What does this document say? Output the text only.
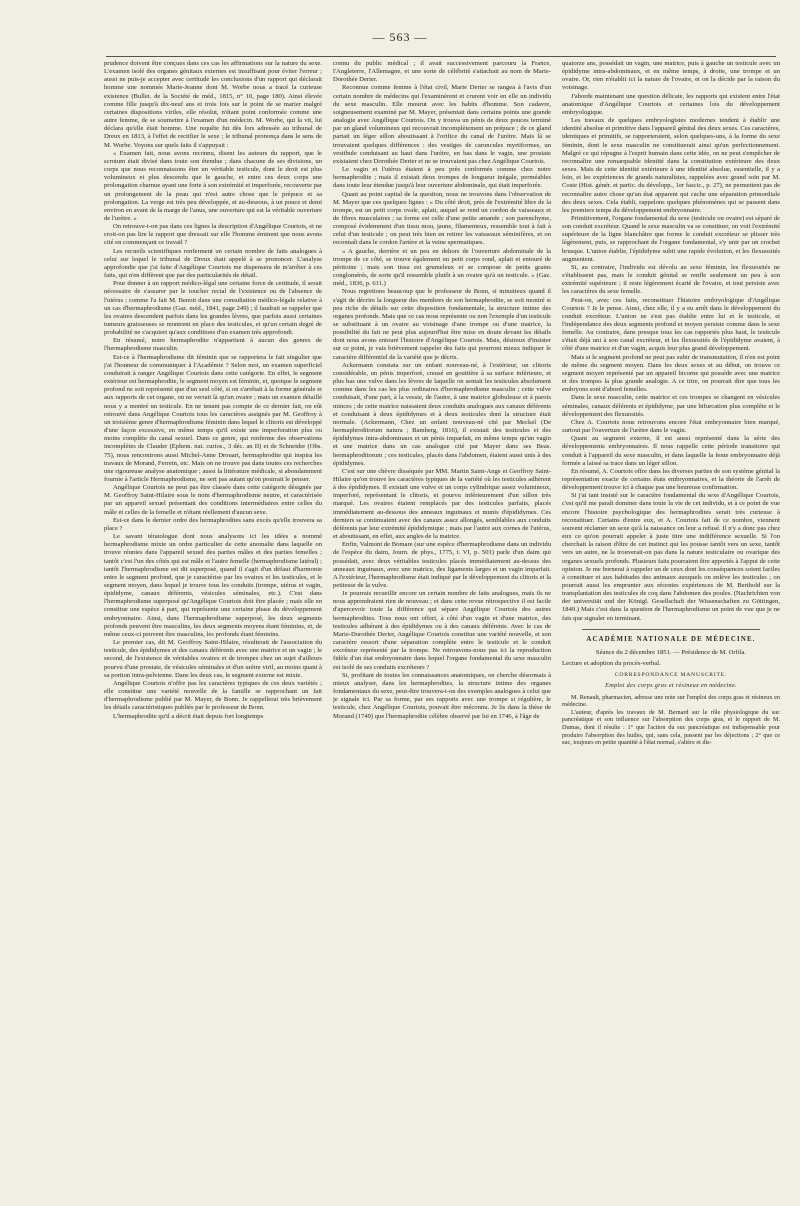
— 563 —

prudence doivent être conçues dans ces cas les affirmations sur la nature du sexe. L'examen isolé des organes génitaux externes est insuffisant pour éviter l'erreur ; aussi ne puis-je accepter avec certitude les conclusions d'un rapport qui déclarait homme une nommée Marie-Jeanne dont M. Worbe nous a tracé la curieuse existence (Bullet. de la Société de méd., 1815, n° 10, page 180). Ainsi élevée comme fille jusqu'à dix-neuf ans et trois fois sur le point de se marier malgré certaines dispositions viriles, elle résolut, n'étant point conformée comme une autre femme, de se soumettre à l'examen d'un médecin. M. Worbe, qui la vit, lui déclara qu'elle était homme. Une requête fut dès lors adressée au tribunal de Dreux en 1813, à l'effet de rectifier le sexe ; le tribunal prononça dans le sens de M. Worbe. Voyons sur quels faits il s'appuyait :

« Examen fait, nous avons reconnu, disent les auteurs du rapport, que le scrotum était divisé dans toute son étendue ; dans chacune de ses divisions, un corps que nous reconnaissons être un véritable testicule, dont le droit est plus volumineux et plus descendu que le gauche, et entre ces deux corps une prolongation charnue ayant une forte à son extrémité et imperforée, recouverte par un prolongement de la peau qui n'est autre chose que le prépuce et sa prolongation. La verge est très peu développée, et au-dessous, à un pouce et demi environ en avant de la marge de l'anus, une ouverture qui est la véritable ouverture de l'urètre. »

On retrouve-t-on pas dans ces lignes la description d'Angélique Courtois, et ne croit-on pas lire le rapport que dressait sur elle l'homme éminent que nous avons cité en commençant ce travail ?

Les recueils scientifiques renferment un certain nombre de faits analogues à celui sur lequel le tribunal de Dreux était appelé à se prononcer. L'analyse approfondie que j'ai faite d'Angélique Courtois me dispensera de m'arrêter à ces faits, qui n'en diffèrent que par des particularités de détail.

Pour donner à un rapport médico-légal une certaine force de certitude, il serait nécessaire de s'assurer par le toucher rectal de l'existence ou de l'absence de l'utérus ; comme l'a fait M. Benoit dans une consultation médico-légale relative à un cas d'hermaphrodisme (Gaz. méd., 1841, page 249) ; il faudrait se rappeler que les ovaires descendent parfois dans les grandes lèvres, que parfois aussi certaines tumeurs graisseuses se montrent en place des testicules, et qu'un certain degré de probabilité ne s'acquiert qu'aux conditions d'un examen très approfondi.

En résumé, notre hermaphrodite n'appartient à aucun des genres de l'hermaphrodisme masculin.

Est-ce à l'hermaphrodisme dit féminin que se rapportera le fait singulier que j'ai l'honneur de communiquer à l'Académie ? Selon moi, un examen superficiel conduirait à ranger Angélique Courtois dans cette catégorie. En effet, le segment extérieur est hermaphrodite, le segment moyen est féminin, et, quoique le segment profond ne soit représenté que d'un seul côté, si on s'arrêtait à la forme générale et aux rapports de cet organe, on ne verrait là qu'un ovaire ; mais un examen détaillé nous y a montré un testicule. En ne tenant pas compte de ce dernier fait, on eût retrouvé dans Angélique Courtois tous les caractères assignés par M. Geoffroy à un troisième genre d'hermaphrodisme féminin dans lequel le clitoris est développé d'une façon excessive, en même temps qu'il existe une imperforation plus ou moins complète du canal sexuel. Dans ce genre, qui renferme des observations incomplètes de Clauder (Ephem. nat. curios., 3 déc. an II) et de Schneider (Obs. 75), nous rencontrons aussi Michel-Anne Drouart, hermaphrodite qui inspira les travaux de Morand, Ferrein, etc. Mais on ne trouve pas dans toutes ces recherches une rigoureuse analyse anatomique ; aussi la littérature médicale, si abondamment fournie à l'article Hermaphrodisme, ne sert pas autant qu'on pourrait le penser.

Angélique Courtois ne peut pas être classée dans cette catégorie désignée par M. Geoffroy Saint-Hilaire sous le nom d'hermaphrodisme neutre, et caractérisée par un appareil sexuel présentant des conditions intermédiaires entre celles du mâle et celles de la femelle et n'étant réellement d'aucun sexe.

Est-ce dans le dernier ordre des hermaphrodites sans excès qu'elle trouvera sa place ?

Le savant tératologue dont nous analysons ici les idées a nommé hermaphrodisme mixte un ordre particulier de cette anomalie dans laquelle on trouve réunies dans l'appareil sexuel des parties mâles et des parties femelles ; tantôt c'est l'un des côtés qui est mâle et l'autre femelle (hermaphrodisme latéral) ; tantôt l'hermaphrodisme est dit superposé, quand il s'agit d'un défaut d'harmonie entre le segment profond, que je caractérise par les ovaires et les testicules, et le segment moyen, dans lequel je trouve tous les conduits (trompe, utérus et vagin, épididyme, canaux déférents, vésicules séminales, etc.). C'est dans l'hermaphrodisme superposé qu'Angélique Courtois doit être placée ; mais elle en constitue une espèce à part, qui représente une certaine phase du développement embryonnaire. Ainsi, dans l'hermaphrodisme superposé, les deux segments profonds peuvent être masculins, les deux segments moyens étant féminins, et, de même ceux-ci peuvent être masculins, les profonds étant féminins.

Le premier cas, dit M. Geoffroy Saint-Hilaire, résulterait de l'association du testicule, des épididymes et des canaux déférents avec une matrice et un vagin ; le second, de l'existence de véritables ovaires et de trompes chez un sujet d'ailleurs pourvu d'une prostate, de vésicules séminales et d'un urètre viril, au moins quant à sa portion intra-pelvienne. Dans les deux cas, le segment externe est mixte.

Angélique Courtois n'offre pas les caractères typiques de ces deux variétés ; elle constitue une variété nouvelle de la famille se rapprochant un fait d'hermaphrodisme publié par M. Mayer, de Bonn. Je rappellerai très brièvement les détails caractéristiques publiés par le professeur de Bonn.

L'hermaphrodite qu'il a décrit était depuis fort longtemps

connu du public médical ; il avait successivement parcouru la France, l'Angleterre, l'Allemagne, et une sorte de célébrité s'attachait au nom de Marie-Dorothée Derier.

Reconnue comme femme à l'état civil, Marie Derier se rangea à l'avis d'un certain nombre de médecins qui l'examinèrent et crurent voir en elle un individu du sexe masculin. Elle mourut avec les habits d'homme. Son cadavre, soigneusement examiné par M. Mayer, présentait dans certains points une grande analogie avec Angélique Courtois. On y trouva un pénis de deux pouces terminé par un gland volumineux qui recouvrait incomplètement un prépuce ; de ce gland partait un léger sillon aboutissant à l'orifice du canal de l'urètre. Mais là se trouvaient quelques différences : des vestiges de caroncules myrtiformes, un vestibule conduisant au haut dans l'urètre, en bas dans le vagin, une prostate existaient chez Dorothée Derier et ne se trouvaient pas chez Angélique Courtois.

Le vagin et l'utérus étaient à peu près conformés comme chez notre hermaphrodite ; mais il existait deux trompes de longueur inégale, perméables dans toute leur étendue jusqu'à leur ouverture abdominale, qui était imperforée.

Quant au point capital de la question, nous ne trouvons dans l'observation de M. Mayer que ces quelques lignes : « Du côté droit, près de l'extrémité libre de la trompe, est un petit corps ovale, aplati, auquel se rend un cordon de vaisseaux et de fibres musculaires ; sa forme est celle d'une petite amande ; son parenchyme, composé évidemment d'un tissu mou, jaune, filamenteux, ressemble tout à fait à celui d'un testicule ; on peut très bien en retirer les vaisseaux séminifères, et on reconnaît dans le cordon l'artère et la veine spermatiques.

« A gauche, derrière et un peu en dehors de l'ouverture abdominale de la trompe de ce côté, se trouve également un petit corps rond, aplati et entouré de péritoine ; mais son tissu est grumeleux et se compose de petits grains conglomérés, de sorte qu'il ressemble plutôt à un ovaire qu'à un testicule. » (Gaz. méd., 1836, p. 611.)

Nous regrettons beaucoup que le professeur de Bonn, si minutieux quand il s'agit de décrire la longueur des membres de son hermaphrodite, se soit montré si peu riche de détails sur cette disposition fondamentale, la structure intime des organes profonds. Mais que ce cas nous représente ou non l'exemple d'un testicule se substituant à un ovaire au voisinage d'une trompe ou d'une matrice, la possibilité du fait ne peut plus aujourd'hui être mise en doute devant les détails dont nous avons entouré l'histoire d'Angélique Courtois. Mais, désireux d'insister sur ce point, je vais brièvement rappeler des faits qui pourront mieux indiquer le caractère différentiel de la variété que je décris.

Ackermann constata sur un enfant nouveau-né, à l'extérieur, un clitoris considérable, un pénis imperforé, creusé en gouttière à sa surface inférieure, et plus bas une vulve dans les lèvres de laquelle on sentait les testicules absolument comme dans les cas les plus ordinaires d'hermaphrodisme masculin ; cette vulve conduisait, d'une part, à la vessie, de l'autre, à une matrice globuleuse et à parois minces ; de cette matrice naissaient deux conduits analogues aux canaux déférents et conduisant à deux épididymes et à deux testicules dont la structure était normale. (Ackermann, Chez un enfant nouveau-né cité par Meckel (De hermaphroditorum natura ; Bamberg, 1816), il existait des testicules et des épididymes intra-abdominaux et un pénis imparfait, en même temps qu'un vagin et une matrice dans un cas analogue cité par Mayer dans ses Beas. hermaphroditorum ; ces testicules, placés dans l'abdomen, étaient aussi unis à des épididymes.

C'est sur une chèvre disséquée par MM. Martin Saint-Ange et Geoffroy Saint-Hilaire qu'on trouve les caractères typiques de la variété où les testicules adhèrent à des épididymes. Il existait une vulve et un corps cylindrique assez volumineux, imperforé, représentant le clitoris, et pourvu inférieurement d'un sillon très marqué. Les ovaires étaient remplacés par des testicules parfaits, placés immédiatement au-dessous des anneaux inguinaux et munis d'épididymes. Ces derniers se continuaient avec des canaux assez allongés, semblables aux conduits déférents par leur extrémité épididymique ; mais par l'autre aux cornes de l'utérus, et aboutissant, en effet, aux angles de la matrice.

Enfin, Valmont de Bomare (sur une espèce d'hermaphrodisme dans un individu de l'espèce du daim, Journ. de phys., 1775, t. VI, p. 501) parle d'un daim qui possédait, avec deux véritables testicules placés immédiatement au-dessus des anneaux inguinaux, avec une matrice, des ligaments larges et un vagin imparfait. A l'extérieur, l'hermaphrodisme était indiqué par le développement du clitoris et la petitesse de la vulve.

Je pourrais recueillir encore un certain nombre de faits analogues, mais ils ne nous apprendraient rien de nouveau ; et dans cette revue rétrospective il est facile d'apercevoir toute la différence qui sépare Angélique Courtois des autres hermaphrodites. Tous nous ont offert, à côté d'un vagin et d'une matrice, des testicules adhérant à des épididymes ou à des canaux déférents. Avec le cas de Marie-Dorothée Derier, Angélique Courtois constitue une variété nouvelle, et son caractère ressort d'une séparation complète entre le testicule et le conduit excréteur représenté par la trompe. Ne retrouvons-nous pas ici la reproduction fidèle d'un état embryonnaire dans lequel l'organe fondamental du sexe masculin est isolé de ses conduits excréteurs ?

Si, profitant de toutes les connaissances anatomiques, on cherche désormais à mieux analyser, dans les hermaphrodites, la structure intime des organes fondamentaux du sexe, peut-être trouvera-t-on des exemples analogues à celui que je signale ici. Par sa forme, par ses rapports avec une trompe si régulière, le testicule, chez Angélique Courtois, pouvait être méconnu. Je lis dans la thèse de Morand (1749) que l'hermaphrodite célèbre observé par lui en 1746, à l'âge de

quatorze ans, possédait un vagin, une matrice, puis à gauche un testicule avec un épididyme intra-abdominaux, et en même temps, à droite, une trompe et un ovaire. Or, rien n'établit ici la nature de l'ovaire, et on la décide par la raison du voisinage.

J'aborde maintenant une question délicate, les rapports qui existent entre l'état anatomique d'Angélique Courtois et certaines lois du développement embryologique.

Les travaux de quelques embryologistes modernes tendent à établir une identité absolue et primitive dans l'appareil génital des deux sexes. Ces caractères, identiques et primitifs, se rapporteraient, selon quelques-uns, à la forme du sexe féminin, dont le sexe masculin ne constituerait ainsi qu'un perfectionnement. Malgré ce qui répugne à l'esprit humain dans cette idée, on ne peut s'empêcher de reconnaître une remarquable identité dans la constitution extérieure des deux sexes. Mais de cette identité extérieure à une identité absolue, essentielle, il y a loin, et les expériences de grands naturalistes, rappelées avec grand soin par M. Coste (Hist. génér. et partic. du développ., 1er fascic., p. 27), ne permettent pas de reconnaître autre chose qu'un état apparent qui cache une séparation primordiale des deux sexes. Cela établi, rappelons quelques phénomènes qui se passent dans les premiers temps du développement embryonnaire.

Primitivement, l'organe fondamental du sexe (testicule ou ovaire) est séparé de son conduit excréteur. Quand le sexe masculin va se constituer, on voit l'extrémité supérieure de la ligne blanchâtre que forme le conduit excréteur se plisser très légèrement, puis, se rapprochant de l'organe fondamental, s'y unir par un crochet brusque. L'union établie, l'épididyme subit une rapide évolution, et les flexuosités augmentent.

Si, au contraire, l'individu est dévolu au sexe féminin, les flexuosités ne s'établissent pas, mais le conduit génital se renfle seulement un peu à son extrémité supérieure ; il reste légèrement écarté de l'ovaire, et tout persiste avec les caractères du sexe femelle.

Peut-on, avec ces faits, reconstituer l'histoire embryologique d'Angélique Courtois ? Je le pense. Ainsi, chez elle, il y a eu arrêt dans le développement du conduit excréteur. L'union ne s'est pas établie entre lui et le testicule, et l'indépendance des deux segments profond et moyen persiste comme dans le sexe femelle. Au contraire, dans presque tous les cas rapportés plus haut, le testicule s'était déjà uni à son canal excréteur, et les flexuosités de l'épididyme avaient, à côté d'une matrice et d'un vagin, acquis leur plus grand développement.

Mais si le segment profond ne peut pas subir de transmutation, il n'en est point de même du segment moyen. Dans les deux sexes et au début, on trouve ce segment moyen représenté par un appareil bicorne qui possède avec une matrice et des trompes la plus grande analogie. A ce titre, on pourrait dire que tous les embryons sont d'abord femelles.

Dans le sexe masculin, cette matrice et ces trompes se changent en vésicules séminales, canaux déférents et épididyme, par une bifurcation plus complète et le développement des flexuosités.

Chez A. Courtois nous retrouvons encore l'état embryonnaire bien marqué, surtout par l'ouverture de l'urètre dans le vagin.

Quant au segment externe, il est aussi représenté dans la série des développements embryonnaires. Il nous rappelle cette période transitoire qui conduit à l'appareil du sexe masculin, et dans laquelle la fente embryonnaire déjà formée a laissé sa trace dans un léger sillon.

En résumé, A. Courtois offre dans les diverses parties de son système génital la représentation exacte de certains états embryonnaires, et la théorie de l'arrêt de développement trouve ici à chaque pas une heureuse confirmation.

Si j'ai tant insisté sur le caractère fondamental du sexe d'Angélique Courtois, c'est qu'il me paraît dominer dans toute la vie de cet individu, et à ce point de vue encore l'histoire psychologique des hermaphrodites serait très curieuse à reconstituer. Certains d'entre eux, et A. Courtois fait de ce nombre, viennent souvent réclamer un sexe qu'à la naissance on leur a refusé. Il n'y a donc pas chez eux ce qu'on pourrait appeler à juste titre une indifférence sexuelle. Si l'on cherchait la raison d'être de cet instinct qui les pousse tantôt vers un sexe, tantôt vers un autre, ne la trouverait-on pas dans la nature testiculaire ou ovarique des organes sexuels profonds. Plusieurs faits pourraient être apportés à l'appui de cette opinion. Je me bornerai à rappeler un de ceux dont les conséquences soient faciles à constituer et aux habitudes des animaux auxquels on enlève les testicules ; on pourrait aussi les emprunter aux récentes expériences de M. Berthold sur la transplantation des testicules de coq dans l'abdomen des poules. (Nachrichten von der universität und der Königl. Gesellschaft der Wissenschaften zu Göttingen, 1849.) Mais c'est dans la question de l'hermaphrodisme un point de vue que je ne fais que signaler en terminant.

ACADÉMIE NATIONALE DE MÉDECINE.
Séance du 2 décembre 1851. — Présidence de M. Orfila.

Lecture et adoption du procès-verbal.

CORRESPONDANCE MANUSCRITE.
Emploi des corps gras et résineux en médecine.

M. Renault, pharmacien, adresse une note sur l'emploi des corps gras et résineux en médecine.

L'auteur, d'après les travaux de M. Bernard sur le rôle physiologique du suc pancréatique et son influence sur l'absorption des corps gras, et le rapport de M. Dumas, dont il résulte : 1° que l'action du suc pancréatique est indispensable pour produire l'absorption des huiles, qui, sans cela, passent par les déjections ; 2° que ce suc, toujours en petite quantité à l'état normal, s'altère et dis-
